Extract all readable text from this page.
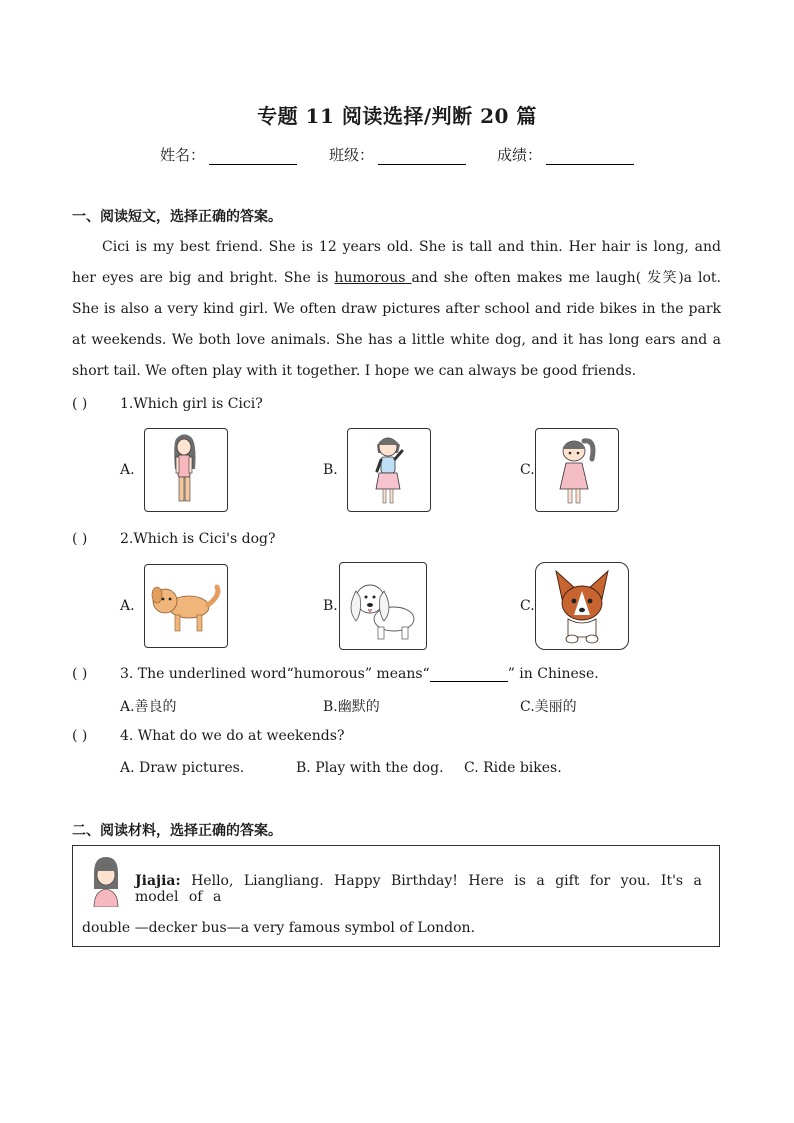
专题 11 阅读选择/判断 20 篇
姓名：	班级：	成绩：
一、阅读短文，选择正确的答案。

Cici is my best friend. She is 12 years old. She is tall and thin. Her hair is long, and her eyes are big and bright. She is humorous and she often makes me laugh( 发笑)a lot. She is also a very kind girl. We often draw pictures after school and ride bikes in the park at weekends. We both love animals. She has a little white dog, and it has long ears and a short tail. We often play with it together. I hope we can always be good friends.

( ) 1.Which girl is Cici?
A.	B.	C.
( ) 2.Which is Cici's dog?
A.	B.	C.
( ) 3. The underlined word“humorous” means“	” in Chinese.
A.善良的	B.幽默的	C.美丽的
( ) 4. What do we do at weekends?
A. Draw pictures.	B. Play with the dog. C. Ride bikes.
二、阅读材料，选择正确的答案。
Jiajia: Hello, Liangliang. Happy Birthday! Here is a gift for you. It's a model of a
double —decker bus—a very famous symbol of London.
